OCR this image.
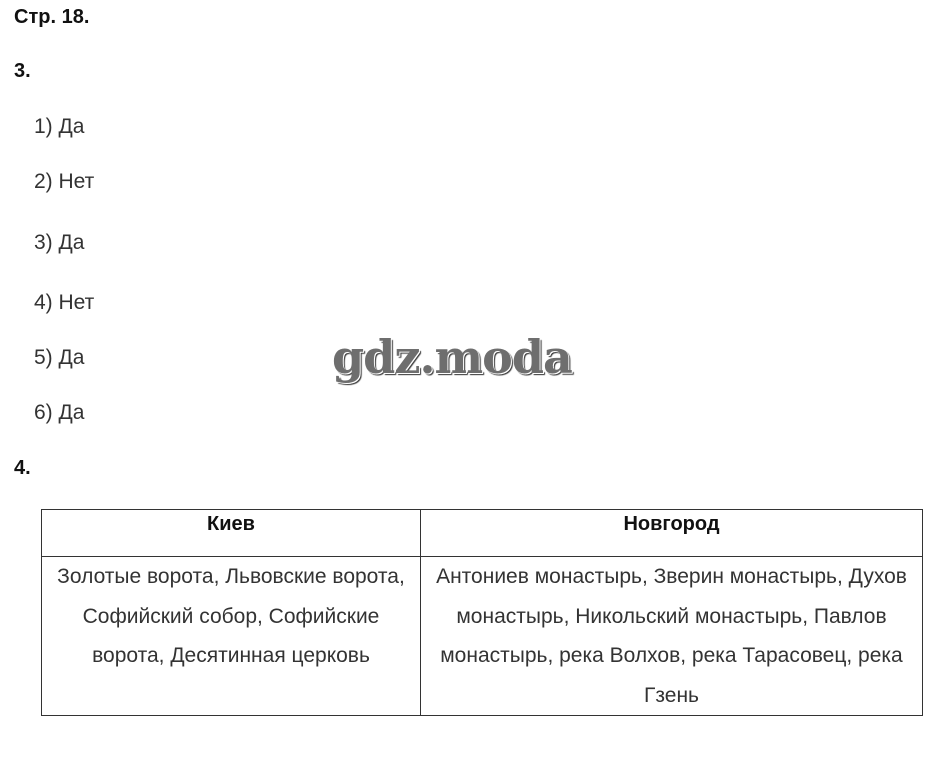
Стр. 18.
3.
1) Да
2) Нет
3) Да
4) Нет
5) Да
6) Да
gdz.moda
4.
Киев	Новгород
Золотые ворота, Львовские ворота, Софийский собор, Софийские ворота, Десятинная церковь	Антониев монастырь, Зверин монастырь, Духов монастырь, Никольский монастырь, Павлов монастырь, река Волхов, река Тарасовец, река Гзень
